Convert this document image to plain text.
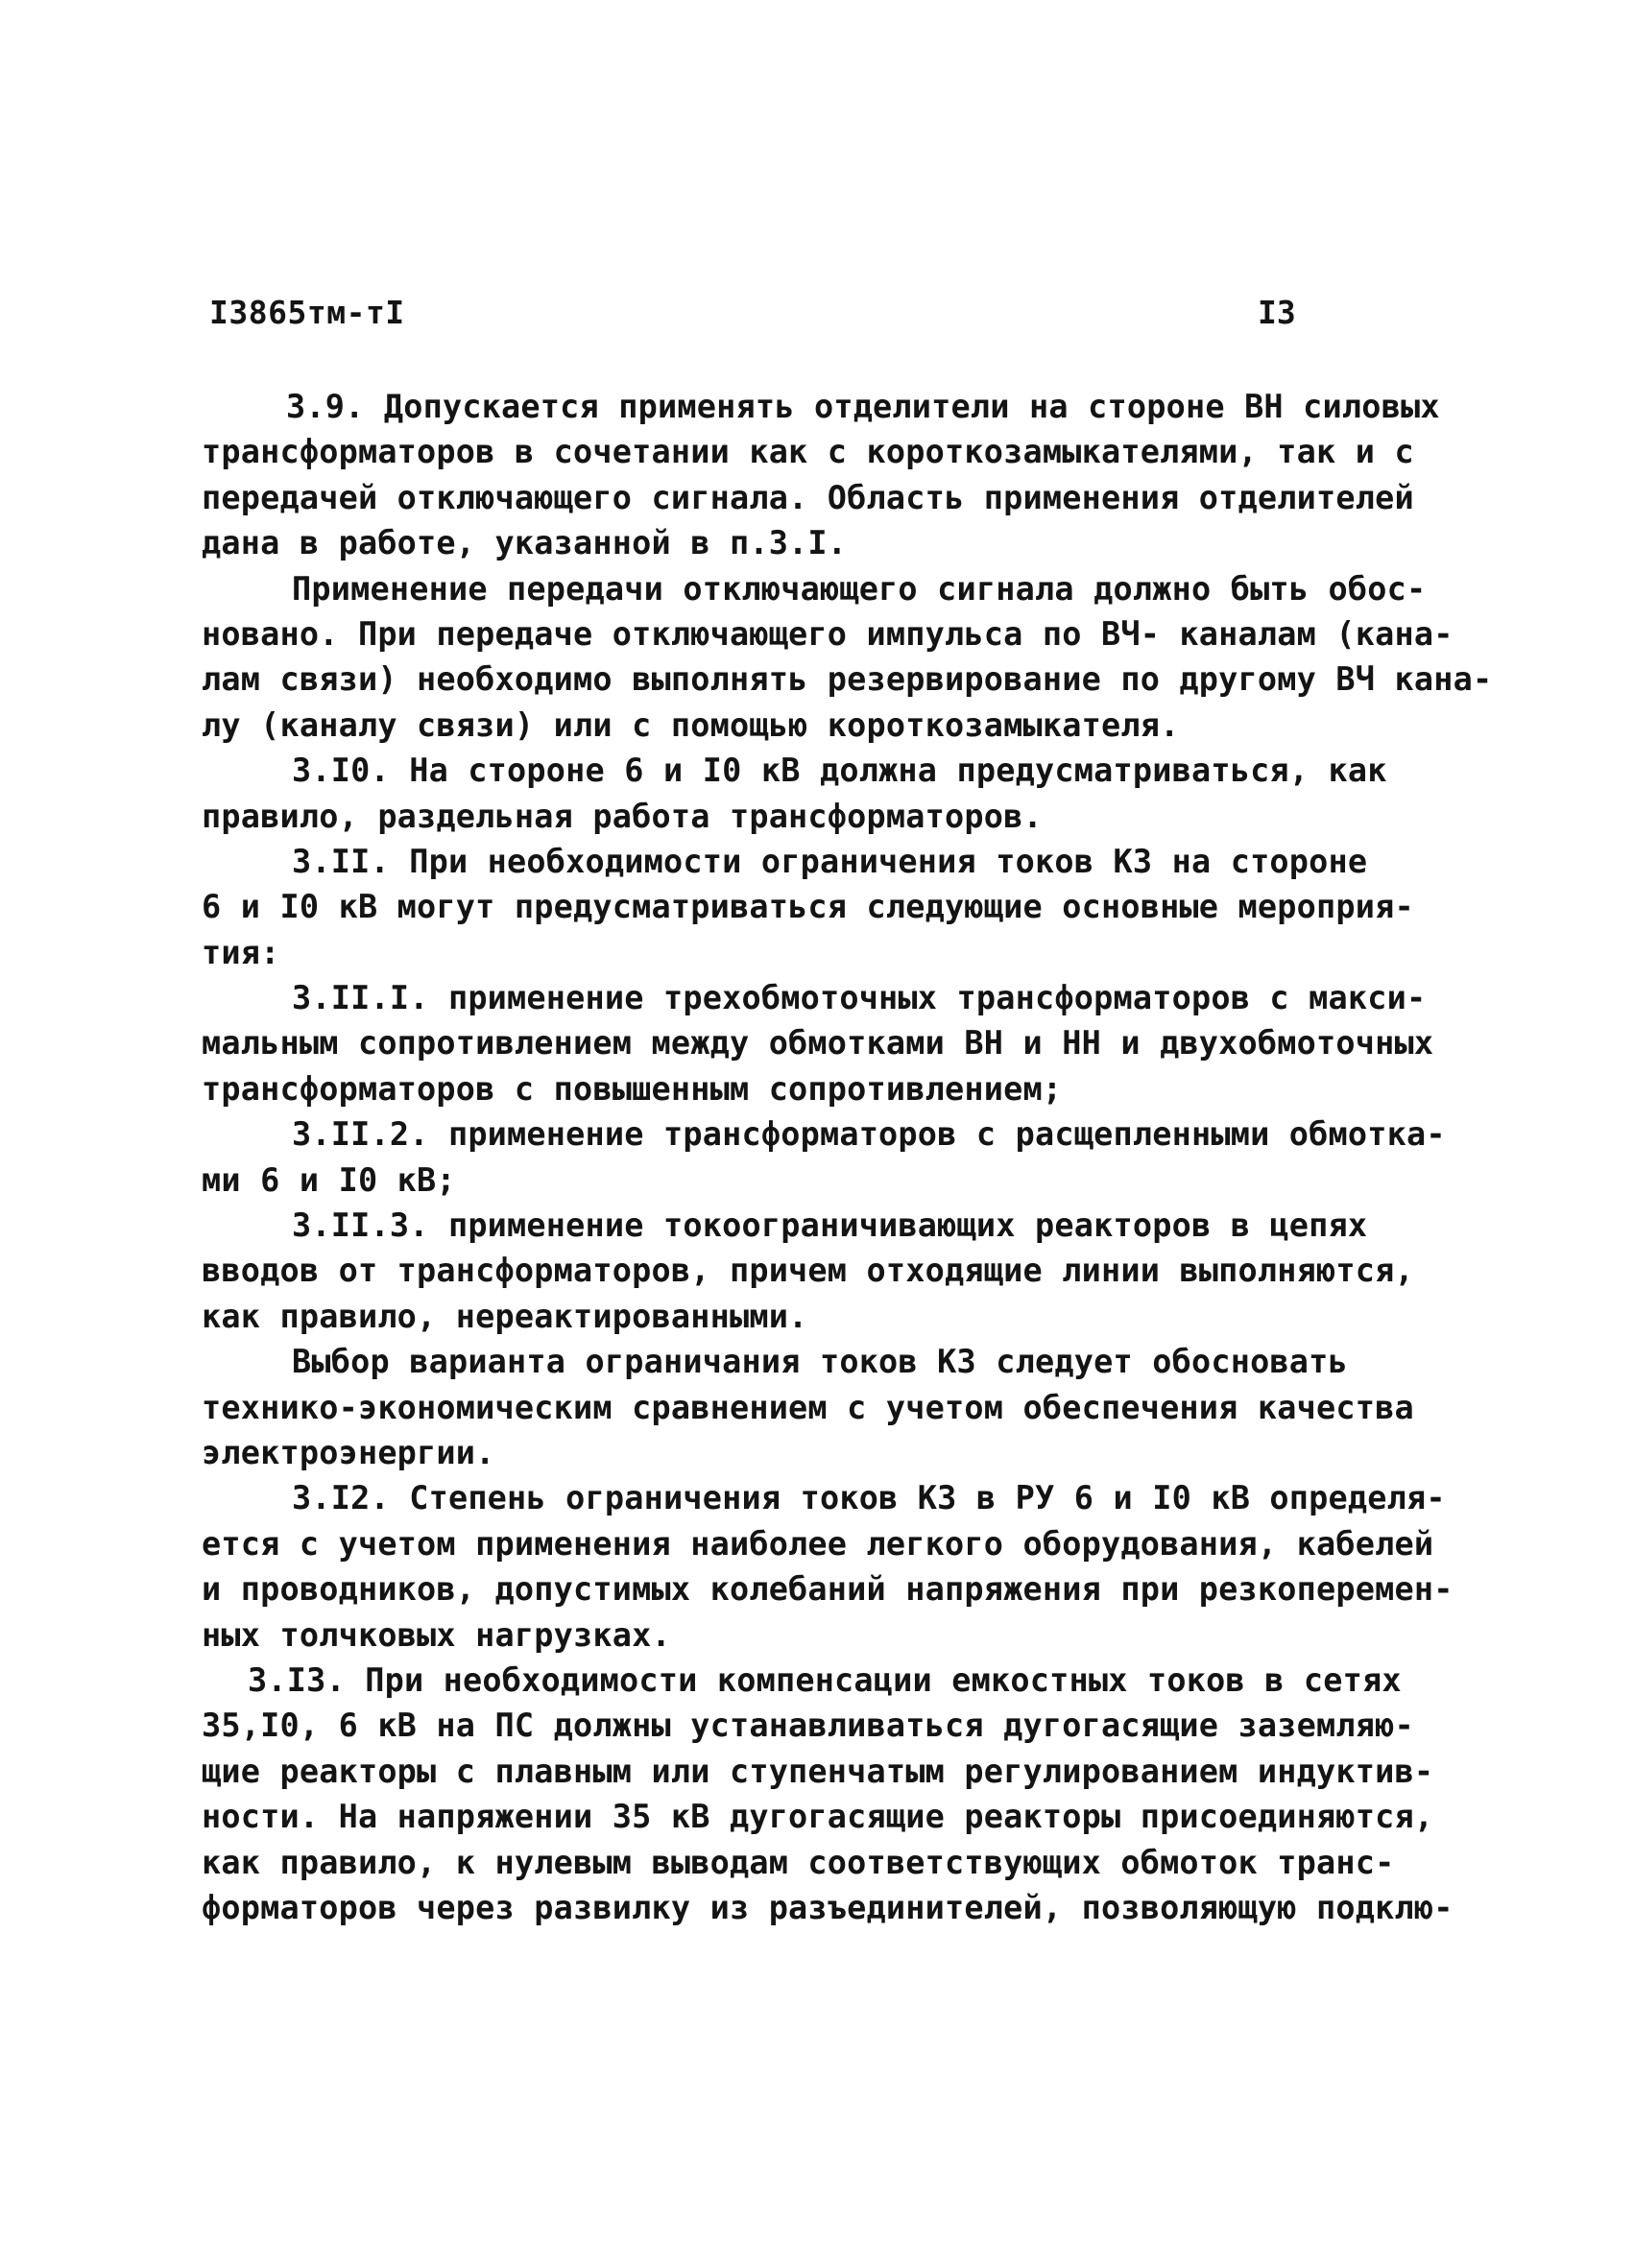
I3865тм-тI	I3
3.9. Допускается применять отделители на стороне ВН силовых
трансформаторов в сочетании как с короткозамыкателями, так и с
передачей отключающего сигнала. Область применения отделителей
дана в работе, указанной в п.3.I.
Применение передачи отключающего сигнала должно быть обос-
новано. При передаче отключающего импульса по ВЧ- каналам (кана-
лам связи) необходимо выполнять резервирование по другому ВЧ кана-
лу (каналу связи) или с помощью короткозамыкателя.
3.I0. На стороне 6 и I0 кВ должна предусматриваться, как
правило, раздельная работа трансформаторов.
3.II. При необходимости ограничения токов КЗ на стороне
6 и I0 кВ могут предусматриваться следующие основные мероприя-
тия:
3.II.I. применение трехобмоточных трансформаторов с макси-
мальным сопротивлением между обмотками ВН и НН и двухобмоточных
трансформаторов с повышенным сопротивлением;
3.II.2. применение трансформаторов с расщепленными обмотка-
ми 6 и I0 кВ;
3.II.3. применение токоограничивающих реакторов в цепях
вводов от трансформаторов, причем отходящие линии выполняются,
как правило, нереактированными.
Выбор варианта ограничания токов КЗ следует обосновать
технико-экономическим сравнением с учетом обеспечения качества
электроэнергии.
3.I2. Степень ограничения токов КЗ в РУ 6 и I0 кВ определя-
ется с учетом применения наиболее легкого оборудования, кабелей
и проводников, допустимых колебаний напряжения при резкоперемен-
ных толчковых нагрузках.
3.I3. При необходимости компенсации емкостных токов в сетях
35,I0, 6 кВ на ПС должны устанавливаться дугогасящие заземляю-
щие реакторы с плавным или ступенчатым регулированием индуктив-
ности. На напряжении 35 кВ дугогасящие реакторы присоединяются,
как правило, к нулевым выводам соответствующих обмоток транс-
форматоров через развилку из разъединителей, позволяющую подклю-
